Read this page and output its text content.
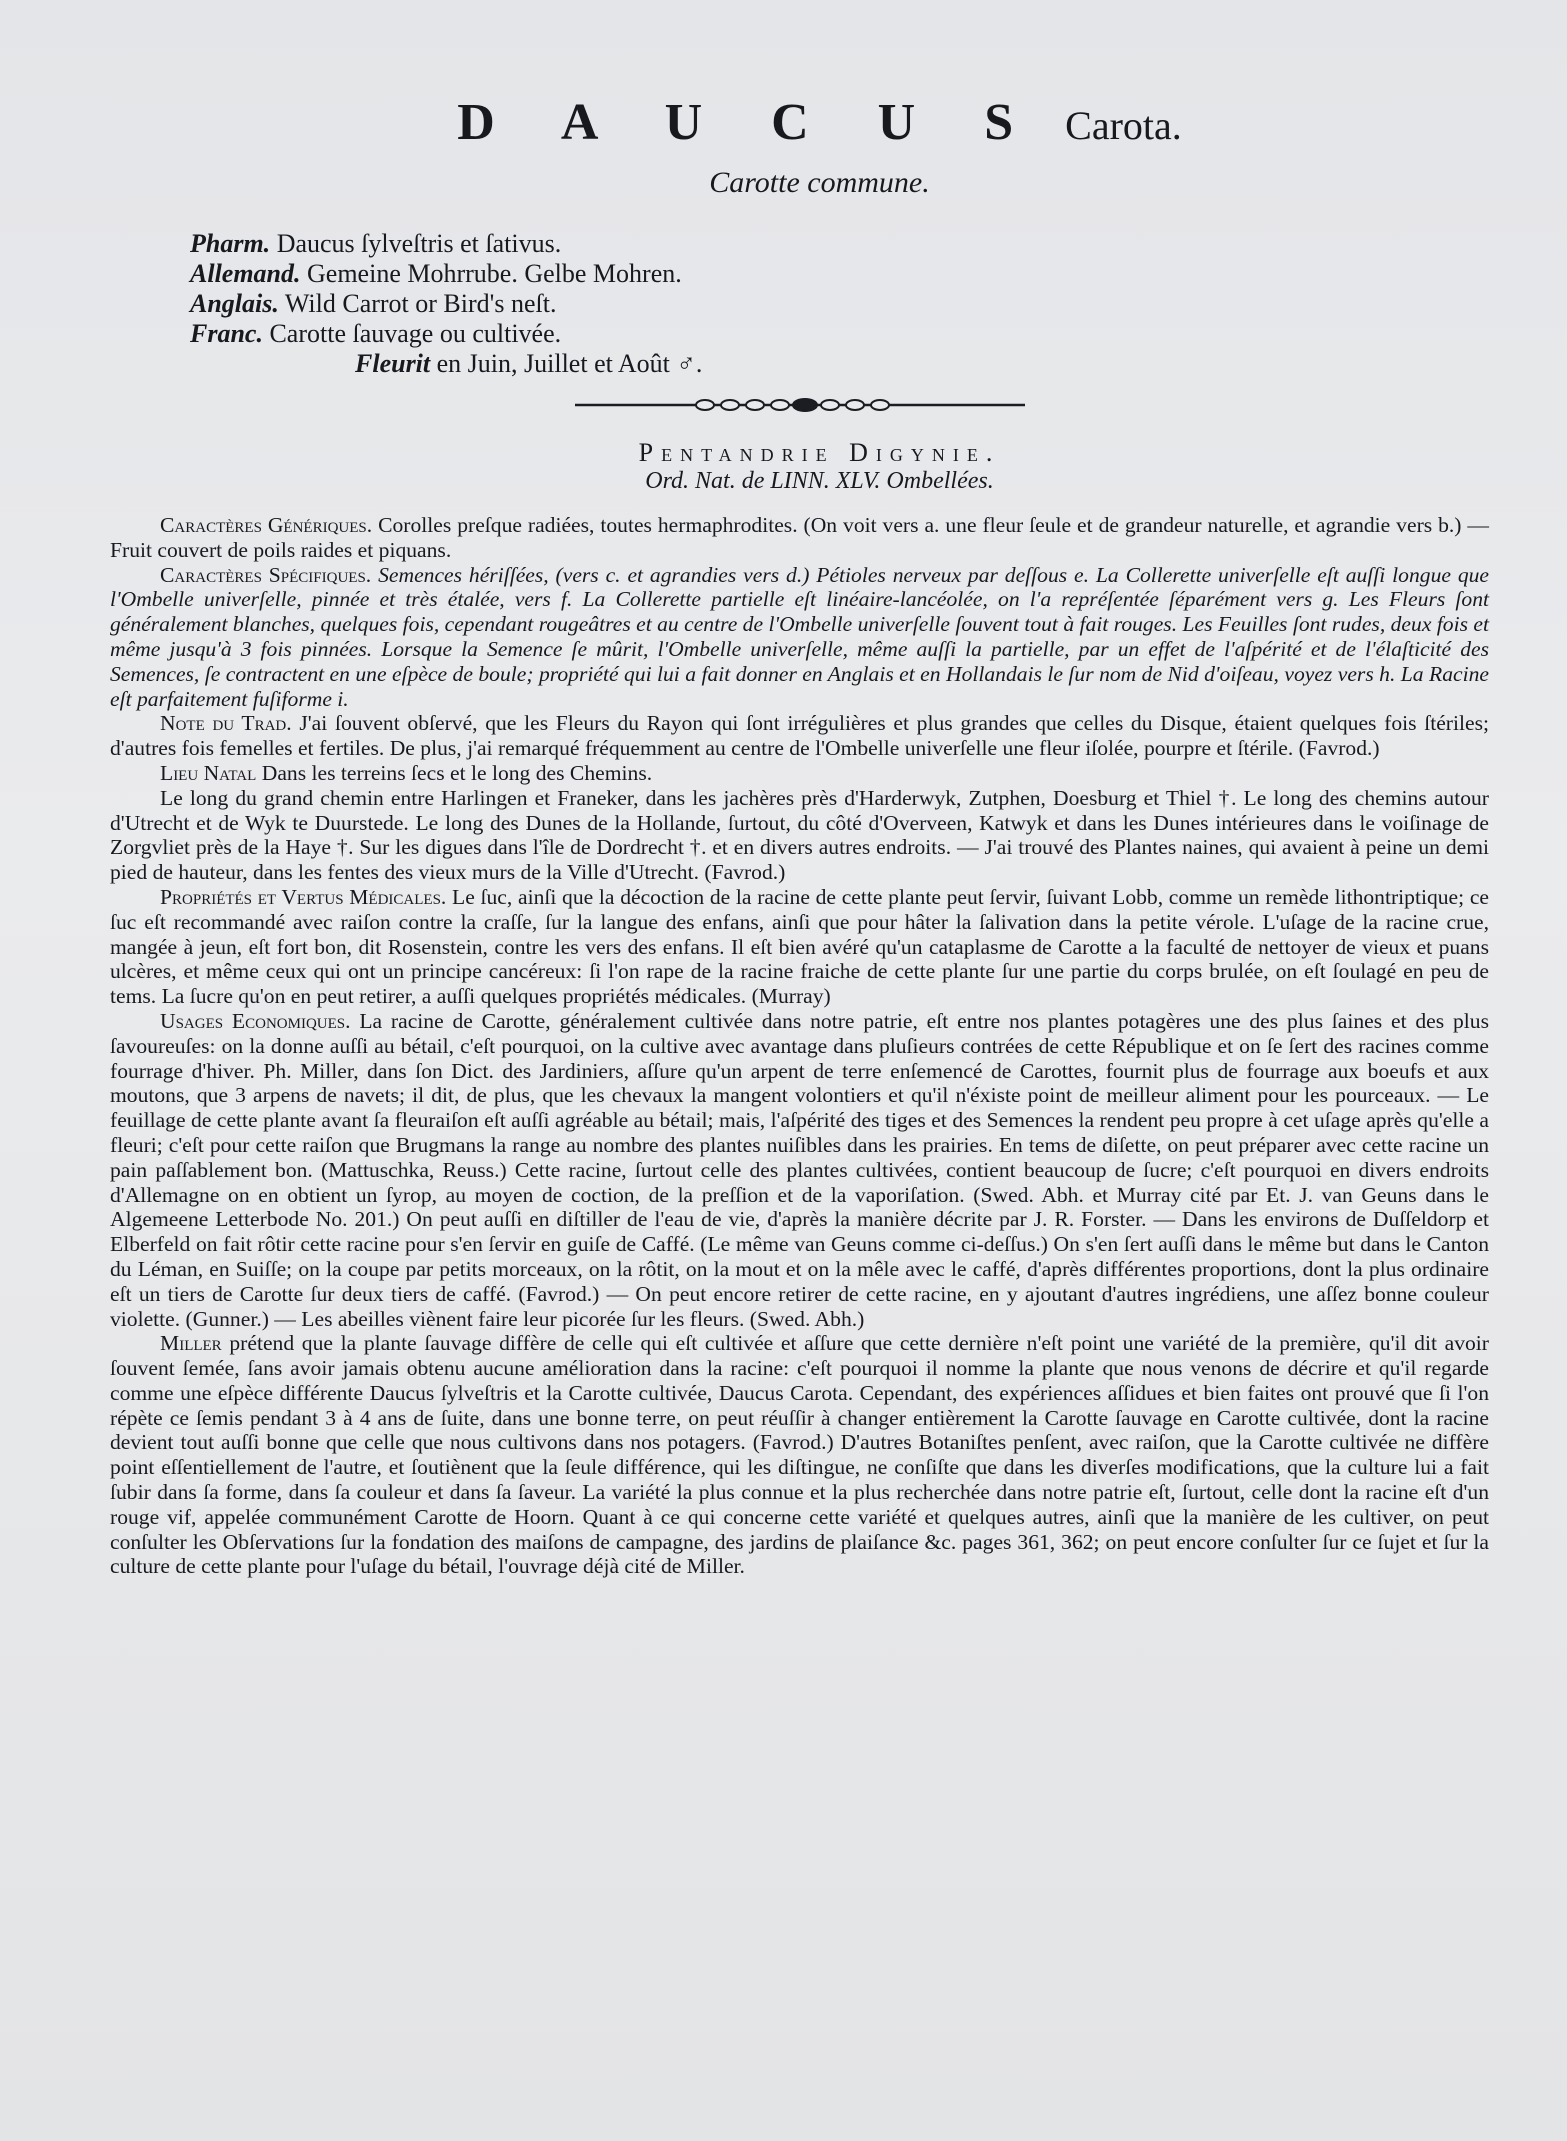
D A U C U S Carota.
Carotte commune.
Pharm. Daucus ſylveſtris et ſativus.
Allemand. Gemeine Mohrrube. Gelbe Mohren.
Anglais. Wild Carrot or Bird's neſt.
Franc. Carotte ſauvage ou cultivée.
Fleurit en Juin, Juillet et Août ♂.
Pentandrie Digynie.
Ord. Nat. de LINN. XLV. Ombellées.

Caractères Génériques. Corolles preſque radiées, toutes hermaphrodites. (On voit vers a. une fleur ſeule et de grandeur naturelle, et agrandie vers b.) — Fruit couvert de poils raides et piquans.

Caractères Spécifiques. Semences hériſſées, (vers c. et agrandies vers d.) Pétioles nerveux par deſſous e. La Collerette univerſelle eſt auſſi longue que l'Ombelle univerſelle, pinnée et très étalée, vers f. La Collerette partielle eſt linéaire-lancéolée, on l'a repréſentée ſéparément vers g. Les Fleurs ſont généralement blanches, quelques fois, cependant rougeâtres et au centre de l'Ombelle univerſelle ſouvent tout à fait rouges. Les Feuilles ſont rudes, deux fois et même jusqu'à 3 fois pinnées. Lorsque la Semence ſe mûrit, l'Ombelle univerſelle, même auſſi la partielle, par un effet de l'aſpérité et de l'élaſticité des Semences, ſe contractent en une eſpèce de boule; propriété qui lui a fait donner en Anglais et en Hollandais le ſur nom de Nid d'oiſeau, voyez vers h. La Racine eſt parfaitement fuſiforme i.

Note du Trad. J'ai ſouvent obſervé, que les Fleurs du Rayon qui ſont irrégulières et plus grandes que celles du Disque, étaient quelques fois ſtériles; d'autres fois femelles et fertiles. De plus, j'ai remarqué fréquemment au centre de l'Ombelle univerſelle une fleur iſolée, pourpre et ſtérile. (Favrod.)

Lieu Natal Dans les terreins ſecs et le long des Chemins.

Le long du grand chemin entre Harlingen et Franeker, dans les jachères près d'Harderwyk, Zutphen, Doesburg et Thiel †. Le long des chemins autour d'Utrecht et de Wyk te Duurstede. Le long des Dunes de la Hollande, ſurtout, du côté d'Overveen, Katwyk et dans les Dunes intérieures dans le voiſinage de Zorgvliet près de la Haye †. Sur les digues dans l'île de Dordrecht †. et en divers autres endroits. — J'ai trouvé des Plantes naines, qui avaient à peine un demi pied de hauteur, dans les fentes des vieux murs de la Ville d'Utrecht. (Favrod.)

Propriétés et Vertus Médicales. Le ſuc, ainſi que la décoction de la racine de cette plante peut ſervir, ſuivant Lobb, comme un remède lithontriptique; ce ſuc eſt recommandé avec raiſon contre la craſſe, ſur la langue des enfans, ainſi que pour hâter la ſalivation dans la petite vérole. L'uſage de la racine crue, mangée à jeun, eſt fort bon, dit Rosenstein, contre les vers des enfans. Il eſt bien avéré qu'un cataplasme de Carotte a la faculté de nettoyer de vieux et puans ulcères, et même ceux qui ont un principe cancéreux: ſi l'on rape de la racine fraiche de cette plante ſur une partie du corps brulée, on eſt ſoulagé en peu de tems. La ſucre qu'on en peut retirer, a auſſi quelques propriétés médicales. (Murray)

Usages Economiques. La racine de Carotte, généralement cultivée dans notre patrie, eſt entre nos plantes potagères une des plus ſaines et des plus ſavoureuſes: on la donne auſſi au bétail, c'eſt pourquoi, on la cultive avec avantage dans pluſieurs contrées de cette République et on ſe ſert des racines comme fourrage d'hiver. Ph. Miller, dans ſon Dict. des Jardiniers, aſſure qu'un arpent de terre enſemencé de Carottes, fournit plus de fourrage aux boeufs et aux moutons, que 3 arpens de navets; il dit, de plus, que les chevaux la mangent volontiers et qu'il n'éxiste point de meilleur aliment pour les pourceaux. — Le feuillage de cette plante avant ſa fleuraiſon eſt auſſi agréable au bétail; mais, l'aſpérité des tiges et des Semences la rendent peu propre à cet uſage après qu'elle a fleuri; c'eſt pour cette raiſon que Brugmans la range au nombre des plantes nuiſibles dans les prairies. En tems de diſette, on peut préparer avec cette racine un pain paſſablement bon. (Mattuschka, Reuss.) Cette racine, ſurtout celle des plantes cultivées, contient beaucoup de ſucre; c'eſt pourquoi en divers endroits d'Allemagne on en obtient un ſyrop, au moyen de coction, de la preſſion et de la vaporiſation. (Swed. Abh. et Murray cité par Et. J. van Geuns dans le Algemeene Letterbode No. 201.) On peut auſſi en diſtiller de l'eau de vie, d'après la manière décrite par J. R. Forster. — Dans les environs de Duſſeldorp et Elberfeld on fait rôtir cette racine pour s'en ſervir en guiſe de Caffé. (Le même van Geuns comme ci-deſſus.) On s'en ſert auſſi dans le même but dans le Canton du Léman, en Suiſſe; on la coupe par petits morceaux, on la rôtit, on la mout et on la mêle avec le caffé, d'après différentes proportions, dont la plus ordinaire eſt un tiers de Carotte ſur deux tiers de caffé. (Favrod.) — On peut encore retirer de cette racine, en y ajoutant d'autres ingrédiens, une aſſez bonne couleur violette. (Gunner.) — Les abeilles viènent faire leur picorée ſur les fleurs. (Swed. Abh.)

Miller prétend que la plante ſauvage diffère de celle qui eſt cultivée et aſſure que cette dernière n'eſt point une variété de la première, qu'il dit avoir ſouvent ſemée, ſans avoir jamais obtenu aucune amélioration dans la racine: c'eſt pourquoi il nomme la plante que nous venons de décrire et qu'il regarde comme une eſpèce différente Daucus ſylveſtris et la Carotte cultivée, Daucus Carota. Cependant, des expériences aſſidues et bien faites ont prouvé que ſi l'on répète ce ſemis pendant 3 à 4 ans de ſuite, dans une bonne terre, on peut réuſſir à changer entièrement la Carotte ſauvage en Carotte cultivée, dont la racine devient tout auſſi bonne que celle que nous cultivons dans nos potagers. (Favrod.) D'autres Botaniſtes penſent, avec raiſon, que la Carotte cultivée ne diffère point eſſentiellement de l'autre, et ſoutiènent que la ſeule différence, qui les diſtingue, ne conſiſte que dans les diverſes modifications, que la culture lui a fait ſubir dans ſa forme, dans ſa couleur et dans ſa ſaveur. La variété la plus connue et la plus recherchée dans notre patrie eſt, ſurtout, celle dont la racine eſt d'un rouge vif, appelée communément Carotte de Hoorn. Quant à ce qui concerne cette variété et quelques autres, ainſi que la manière de les cultiver, on peut conſulter les Obſervations ſur la fondation des maiſons de campagne, des jardins de plaiſance &c. pages 361, 362; on peut encore conſulter ſur ce ſujet et ſur la culture de cette plante pour l'uſage du bétail, l'ouvrage déjà cité de Miller.
